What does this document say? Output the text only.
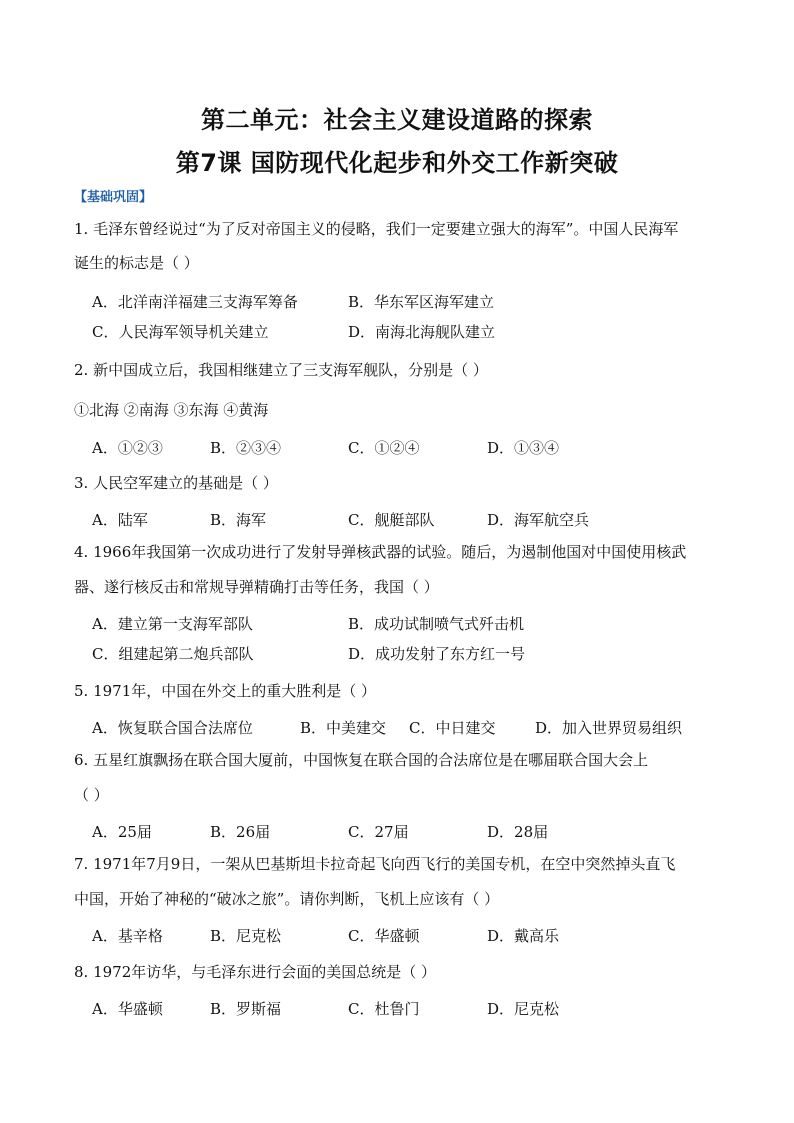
第二单元：社会主义建设道路的探索
第7课 国防现代化起步和外交工作新突破
【基础巩固】
1. 毛泽东曾经说过“为了反对帝国主义的侵略，我们一定要建立强大的海军”。中国人民海军
诞生的标志是（ ）
A．北洋南洋福建三支海军筹备	B．华东军区海军建立
C．人民海军领导机关建立	D．南海北海舰队建立
2. 新中国成立后，我国相继建立了三支海军舰队，分别是（ ）
①北海 ②南海 ③东海 ④黄海
A．①②③	B．②③④	C．①②④	D．①③④
3. 人民空军建立的基础是（ ）
A．陆军	B．海军	C．舰艇部队	D．海军航空兵
4. 1966年我国第一次成功进行了发射导弹核武器的试验。随后，为遏制他国对中国使用核武
器、遂行核反击和常规导弹精确打击等任务，我国（ ）
A．建立第一支海军部队	B．成功试制喷气式歼击机
C．组建起第二炮兵部队	D．成功发射了东方红一号
5. 1971年，中国在外交上的重大胜利是（ ）
A．恢复联合国合法席位	B．中美建交 C．中日建交	D．加入世界贸易组织
6. 五星红旗飘扬在联合国大厦前，中国恢复在联合国的合法席位是在哪届联合国大会上
（ ）
A．25届	B．26届	C．27届	D．28届
7. 1971年7月9日，一架从巴基斯坦卡拉奇起飞向西飞行的美国专机，在空中突然掉头直飞
中国，开始了神秘的“破冰之旅”。请你判断，飞机上应该有（ ）
A．基辛格	B．尼克松	C．华盛顿	D．戴高乐
8. 1972年访华，与毛泽东进行会面的美国总统是（ ）
A．华盛顿	B．罗斯福	C．杜鲁门	D．尼克松
